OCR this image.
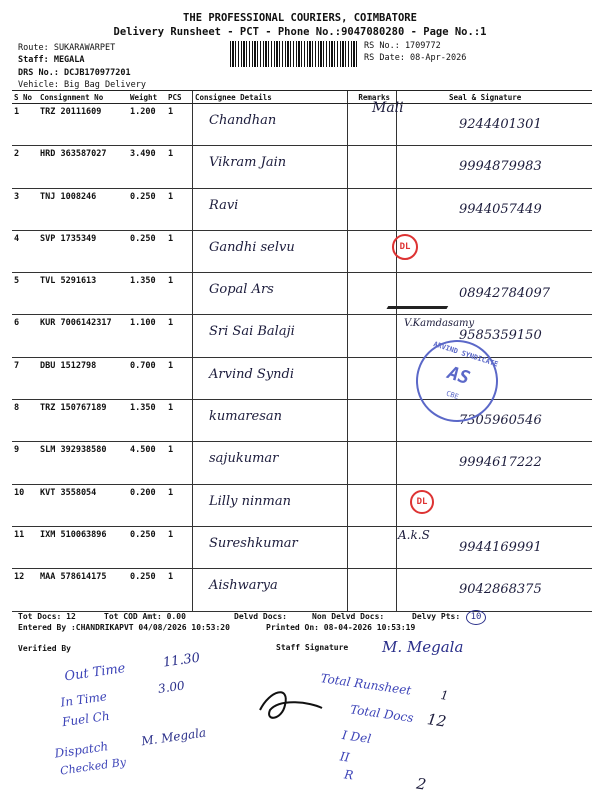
THE PROFESSIONAL COURIERS, COIMBATORE
Delivery Runsheet - PCT - Phone No.:9047080280 - Page No.:1
Route: SUKARAWARPET
Staff: MEGALA
DRS No.: DCJB170977201
Vehicle: Big Bag Delivery
RS No.: 1709772
RS Date: 08-Apr-2026
S No	Consignment No	Weight	PCS	Consignee Details	Remarks	Seal & Signature
1	TRZ 20111609	1.200	1	Chandhan		9244401301

2	HRD 363587027	3.490	1	Vikram Jain		9994879983

3	TNJ 1008246	0.250	1	Ravi		9944057449

4	SVP 1735349	0.250	1	Gandhi selvu		

5	TVL 5291613	1.350	1	Gopal Ars		08942784097

6	KUR 7006142317	1.100	1	Sri Sai Balaji		9585359150

7	DBU 1512798	0.700	1	Arvind Syndi		

8	TRZ 150767189	1.350	1	kumaresan		7305960546

9	SLM 392938580	4.500	1	sajukumar		9994617222

10	KVT 3558054	0.200	1	Lilly ninman		

11	IXM 510063896	0.250	1	Sureshkumar		9944169991

12	MAA 578614175	0.250	1	Aishwarya		9042868375
Mali
DL
V.Kamdasamy
DL
A.k.S
ARVIND SYNDICATE
AS
CBE
Tot Docs: 12	Tot COD Amt: 0.00	Delvd Docs:	Non Delvd Docs:	Delvy Pts:	10
Entered By :CHANDRIKAPVT 04/08/2026 10:53:20	Printed On: 08-04-2026 10:53:19
Verified By	Staff Signature M. Megala
Out Time 11.30
In Time 3.00
Fuel Ch
Dispatch M. Megala
Checked By
Total Runsheet 1
Total Docs 12
I Del
II
R	2
